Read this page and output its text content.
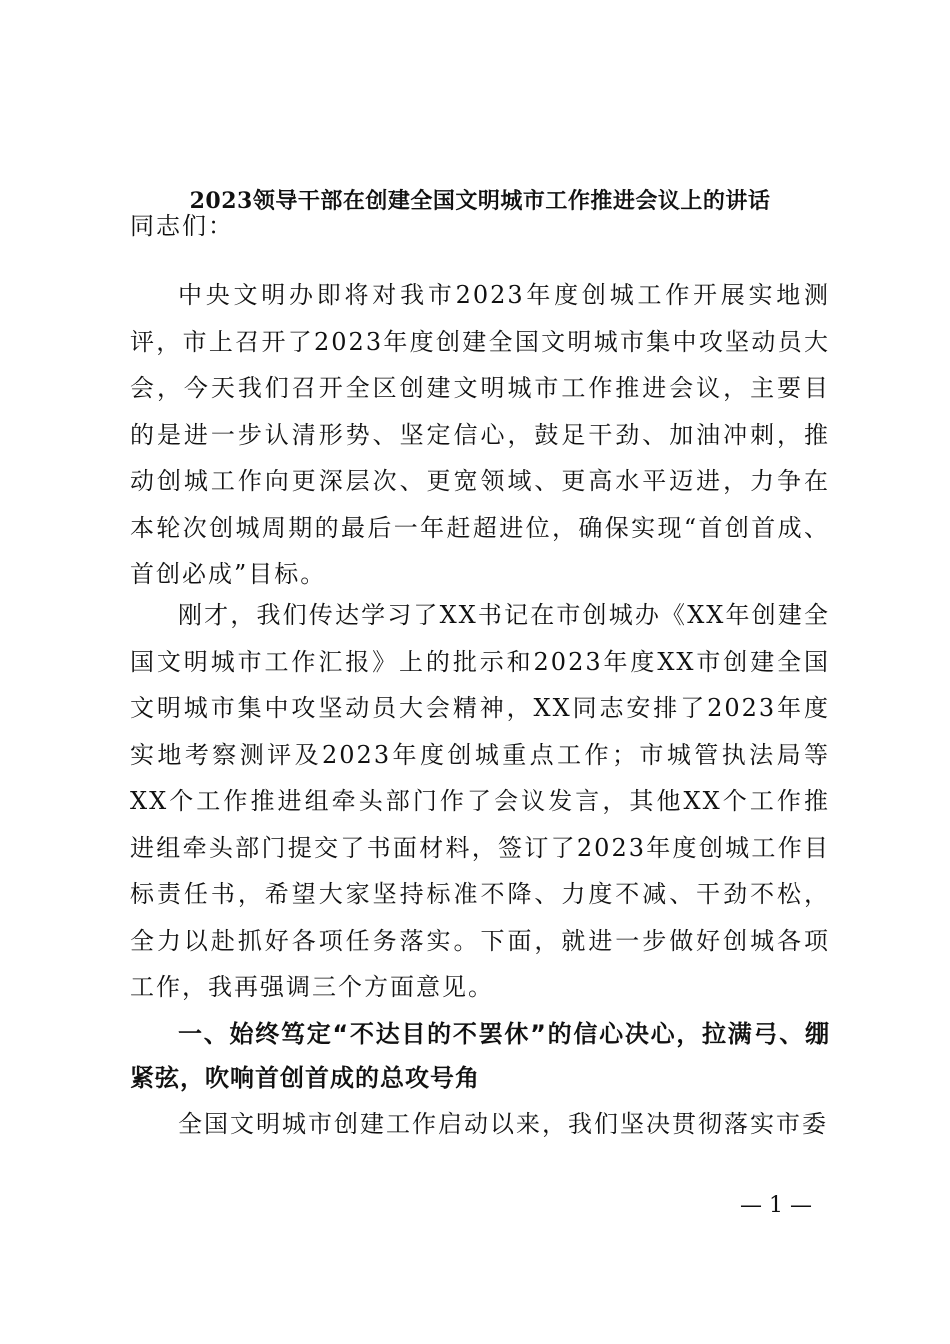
2023领导干部在创建全国文明城市工作推进会议上的讲话
同志们：

中央文明办即将对我市2023年度创城工作开展实地测评，市上召开了2023年度创建全国文明城市集中攻坚动员大会，今天我们召开全区创建文明城市工作推进会议，主要目的是进一步认清形势、坚定信心，鼓足干劲、加油冲刺，推动创城工作向更深层次、更宽领域、更高水平迈进，力争在本轮次创城周期的最后一年赶超进位，确保实现“首创首成、首创必成”目标。

刚才，我们传达学习了XX书记在市创城办《XX年创建全国文明城市工作汇报》上的批示和2023年度XX市创建全国文明城市集中攻坚动员大会精神，XX同志安排了2023年度实地考察测评及2023年度创城重点工作；市城管执法局等XX个工作推进组牵头部门作了会议发言，其他XX个工作推进组牵头部门提交了书面材料，签订了2023年度创城工作目标责任书，希望大家坚持标准不降、力度不减、干劲不松，全力以赴抓好各项任务落实。下面，就进一步做好创城各项工作，我再强调三个方面意见。

一、始终笃定“不达目的不罢休”的信心决心，拉满弓、绷紧弦，吹响首创首成的总攻号角

全国文明城市创建工作启动以来，我们坚决贯彻落实市委

— 1 —
